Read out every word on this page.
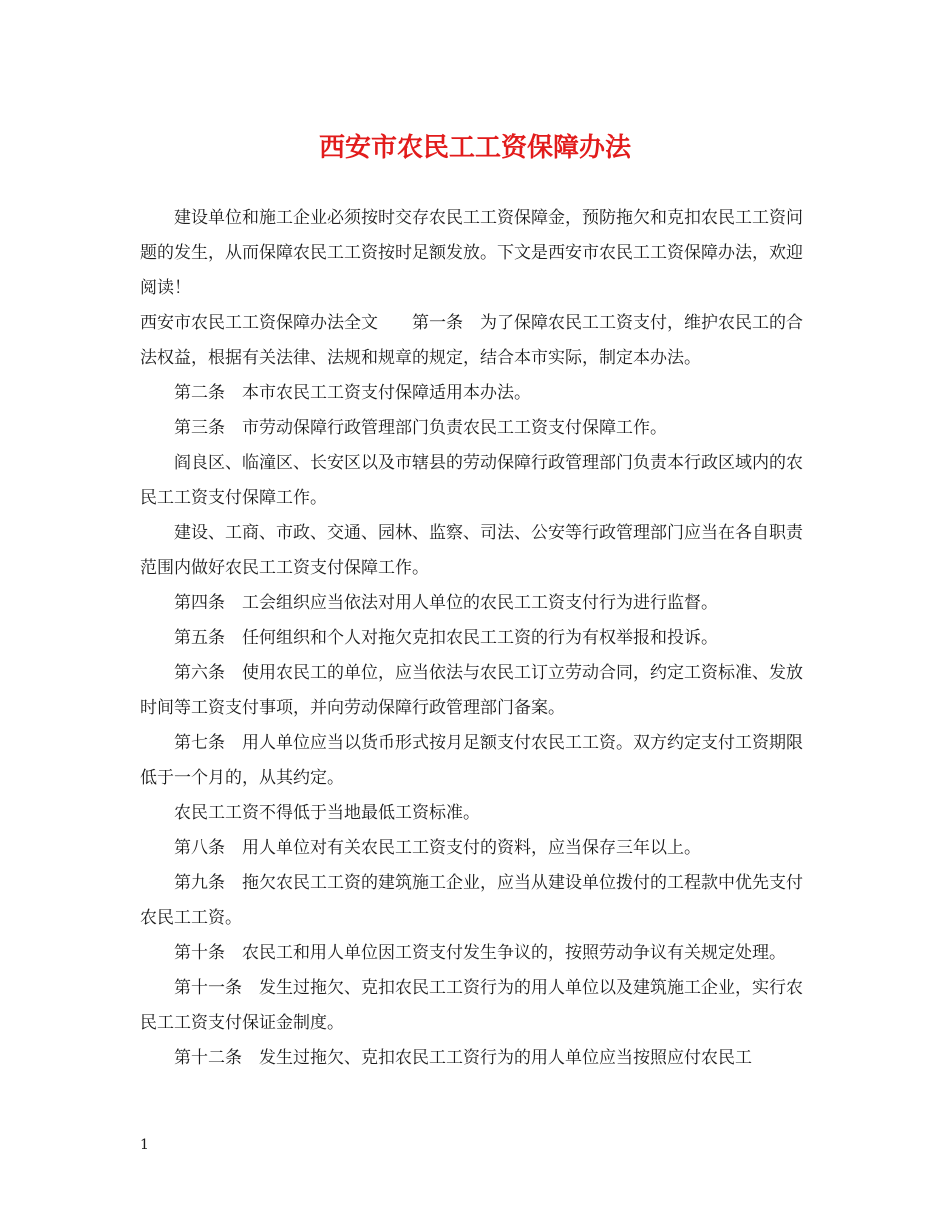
西安市农民工工资保障办法

建设单位和施工企业必须按时交存农民工工资保障金，预防拖欠和克扣农民工工资问题的发生，从而保障农民工工资按时足额发放。下文是西安市农民工工资保障办法，欢迎阅读！

西安市农民工工资保障办法全文　　第一条　为了保障农民工工资支付，维护农民工的合法权益，根据有关法律、法规和规章的规定，结合本市实际，制定本办法。

第二条　本市农民工工资支付保障适用本办法。

第三条　市劳动保障行政管理部门负责农民工工资支付保障工作。

阎良区、临潼区、长安区以及市辖县的劳动保障行政管理部门负责本行政区域内的农民工工资支付保障工作。

建设、工商、市政、交通、园林、监察、司法、公安等行政管理部门应当在各自职责范围内做好农民工工资支付保障工作。

第四条　工会组织应当依法对用人单位的农民工工资支付行为进行监督。

第五条　任何组织和个人对拖欠克扣农民工工资的行为有权举报和投诉。

第六条　使用农民工的单位，应当依法与农民工订立劳动合同，约定工资标准、发放时间等工资支付事项，并向劳动保障行政管理部门备案。

第七条　用人单位应当以货币形式按月足额支付农民工工资。双方约定支付工资期限低于一个月的，从其约定。

农民工工资不得低于当地最低工资标准。

第八条　用人单位对有关农民工工资支付的资料，应当保存三年以上。

第九条　拖欠农民工工资的建筑施工企业，应当从建设单位拨付的工程款中优先支付农民工工资。

第十条　农民工和用人单位因工资支付发生争议的，按照劳动争议有关规定处理。

第十一条　发生过拖欠、克扣农民工工资行为的用人单位以及建筑施工企业，实行农民工工资支付保证金制度。

第十二条　发生过拖欠、克扣农民工工资行为的用人单位应当按照应付农民工

1
